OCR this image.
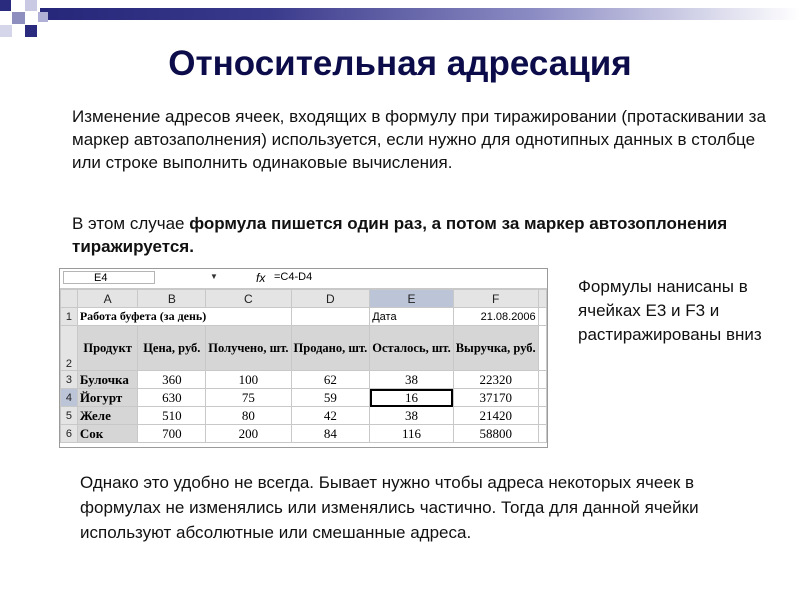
Относительная адресация

Изменение адресов ячеек, входящих в формулу при тиражировании (протаскивании за маркер автозаполнения) используется, если нужно для однотипных данных в столбце или строке выполнить одинаковые вычисления.

В этом случае формула пишется один раз, а потом за маркер автозоплонения тиражируется.

E4	▼	fx =C4-D4
	A	B	C	D	E	F	
1	Работа буфета (за день)				Дата	21.08.2006	
2	Продукт	Цена, руб.	Получено, шт.	Продано, шт.	Осталось, шт.	Выручка, руб.	
3	Булочка	360	100	62	38	22320	
4	Йогурт	630	75	59	16	37170	
5	Желе	510	80	42	38	21420	
6	Сок	700	200	84	116	58800	

Формулы нанисаны в ячейках E3 и F3 и растиражированы вниз

Однако это удобно не всегда. Бывает нужно чтобы адреса некоторых ячеек в формулах не изменялись или изменялись частично. Тогда для данной ячейки используют абсолютные или смешанные адреса.
